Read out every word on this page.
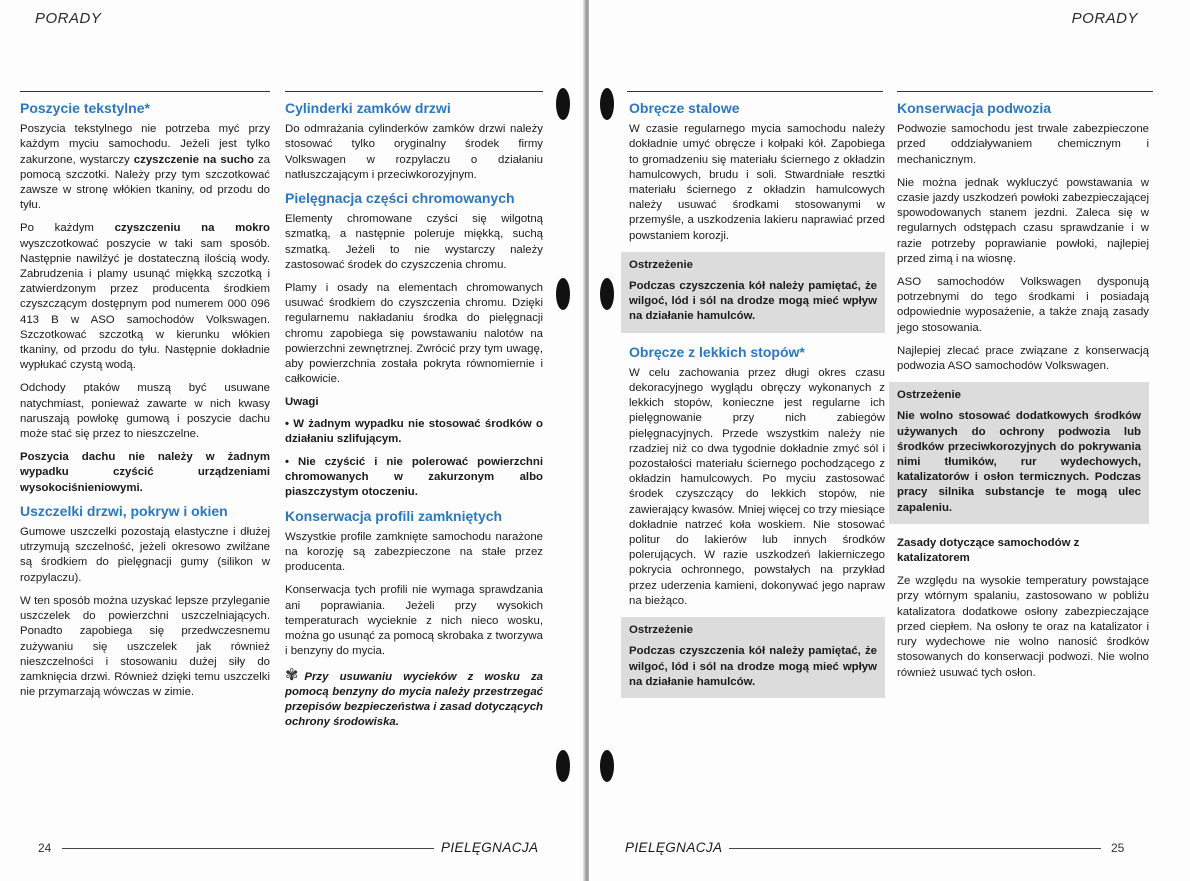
PORADY
Poszycie tekstylne*

Poszycia tekstylnego nie potrzeba myć przy każdym myciu samochodu. Jeżeli jest tylko zakurzone, wystarczy czyszczenie na sucho za pomocą szczotki. Należy przy tym szczotkować zawsze w stronę włókien tkaniny, od przodu do tyłu.

Po każdym czyszczeniu na mokro wyszczotkować poszycie w taki sam sposób. Następnie nawilżyć je dostateczną ilością wody. Zabrudzenia i plamy usunąć miękką szczotką i zatwierdzonym przez producenta środkiem czyszczącym dostępnym pod numerem 000 096 413 B w ASO samochodów Volkswagen. Szczotkować szczotką w kierunku włókien tkaniny, od przodu do tyłu. Następnie dokładnie wypłukać czystą wodą.

Odchody ptaków muszą być usuwane natychmiast, ponieważ zawarte w nich kwasy naruszają powłokę gumową i poszycie dachu może stać się przez to nieszczelne.

Poszycia dachu nie należy w żadnym wypadku czyścić urządzeniami wysokociśnieniowymi.

Uszczelki drzwi, pokryw i okien

Gumowe uszczelki pozostają elastyczne i dłużej utrzymują szczelność, jeżeli okresowo zwilżane są środkiem do pielęgnacji gumy (silikon w rozpylaczu).

W ten sposób można uzyskać lepsze przyleganie uszczelek do powierzchni uszczelniających. Ponadto zapobiega się przedwczesnemu zużywaniu się uszczelek jak również nieszczelności i stosowaniu dużej siły do zamknięcia drzwi. Również dzięki temu uszczelki nie przymarzają wówczas w zimie.

Cylinderki zamków drzwi

Do odmrażania cylinderków zamków drzwi należy stosować tylko oryginalny środek firmy Volkswagen w rozpylaczu o działaniu natłuszczającym i przeciwkorozyjnym.

Pielęgnacja części chromowanych

Elementy chromowane czyści się wilgotną szmatką, a następnie poleruje miękką, suchą szmatką. Jeżeli to nie wystarczy należy zastosować środek do czyszczenia chromu.

Plamy i osady na elementach chromowanych usuwać środkiem do czyszczenia chromu. Dzięki regularnemu nakładaniu środka do pielęgnacji chromu zapobiega się powstawaniu nalotów na powierzchni zewnętrznej. Zwrócić przy tym uwagę, aby powierzchnia została pokryta równomiernie i całkowicie.

Uwagi

• W żadnym wypadku nie stosować środków o działaniu szlifującym.

• Nie czyścić i nie polerować powierzchni chromowanych w zakurzonym albo piaszczystym otoczeniu.

Konserwacja profili zamkniętych

Wszystkie profile zamknięte samochodu narażone na korozję są zabezpieczone na stałe przez producenta.

Konserwacja tych profili nie wymaga sprawdzania ani poprawiania. Jeżeli przy wysokich temperaturach wycieknie z nich nieco wosku, można go usunąć za pomocą skrobaka z tworzywa i benzyny do mycia.

✾ Przy usuwaniu wycieków z wosku za pomocą benzyny do mycia należy przestrzegać przepisów bezpieczeństwa i zasad dotyczących ochrony środowiska.

24	PIELĘGNACJA
PORADY
Obręcze stalowe

W czasie regularnego mycia samochodu należy dokładnie umyć obręcze i kołpaki kół. Zapobiega to gromadzeniu się materiału ściernego z okładzin hamulcowych, brudu i soli. Stwardniałe resztki materiału ściernego z okładzin hamulcowych należy usuwać środkami stosowanymi w przemyśle, a uszkodzenia lakieru naprawiać przed powstaniem korozji.

Ostrzeżenie
Podczas czyszczenia kół należy pamiętać, że wilgoć, lód i sól na drodze mogą mieć wpływ na działanie hamulców.
Obręcze z lekkich stopów*

W celu zachowania przez długi okres czasu dekoracyjnego wyglądu obręczy wykonanych z lekkich stopów, konieczne jest regularne ich pielęgnowanie przy nich zabiegów pielęgnacyjnych. Przede wszystkim należy nie rzadziej niż co dwa tygodnie dokładnie zmyć sól i pozostałości materiału ściernego pochodzącego z okładzin hamulcowych. Po myciu zastosować środek czyszczący do lekkich stopów, nie zawierający kwasów. Mniej więcej co trzy miesiące dokładnie natrzeć koła woskiem. Nie stosować politur do lakierów lub innych środków polerujących. W razie uszkodzeń lakierniczego pokrycia ochronnego, powstałych na przykład przez uderzenia kamieni, dokonywać jego napraw na bieżąco.

Ostrzeżenie
Podczas czyszczenia kół należy pamiętać, że wilgoć, lód i sól na drodze mogą mieć wpływ na działanie hamulców.
Konserwacja podwozia

Podwozie samochodu jest trwale zabezpieczone przed oddziaływaniem chemicznym i mechanicznym.

Nie można jednak wykluczyć powstawania w czasie jazdy uszkodzeń powłoki zabezpieczającej spowodowanych stanem jezdni. Zaleca się w regularnych odstępach czasu sprawdzanie i w razie potrzeby poprawianie powłoki, najlepiej przed zimą i na wiosnę.

ASO samochodów Volkswagen dysponują potrzebnymi do tego środkami i posiadają odpowiednie wyposażenie, a także znają zasady jego stosowania.

Najlepiej zlecać prace związane z konserwacją podwozia ASO samochodów Volkswagen.

Ostrzeżenie
Nie wolno stosować dodatkowych środków używanych do ochrony podwozia lub środków przeciwkorozyjnych do pokrywania nimi tłumików, rur wydechowych, katalizatorów i osłon termicznych. Podczas pracy silnika substancje te mogą ulec zapaleniu.
Zasady dotyczące samochodów z katalizatorem

Ze względu na wysokie temperatury powstające przy wtórnym spalaniu, zastosowano w pobliżu katalizatora dodatkowe osłony zabezpieczające przed ciepłem. Na osłony te oraz na katalizator i rury wydechowe nie wolno nanosić środków stosowanych do konserwacji podwozi. Nie wolno również usuwać tych osłon.

PIELĘGNACJA	25
